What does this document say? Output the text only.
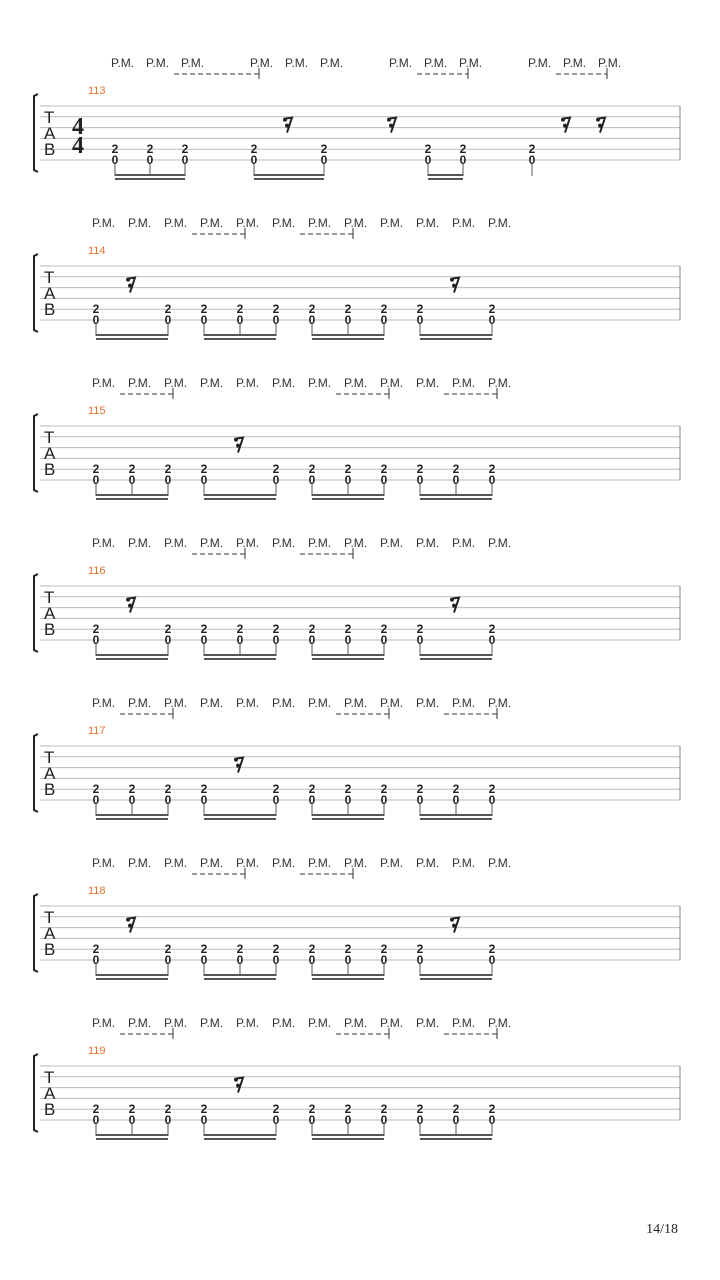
T
A
B
113
4
4
P.M. P.M. P.M.	P.M. P.M. P.M.	P.M. P.M. P.M.	P.M. P.M. P.M.
2
0
2
0
2
0
2
0
2
0
2
0
2
0
2
0
T
A
B
114
P.M. P.M. P.M. P.M. P.M. P.M. P.M. P.M. P.M. P.M. P.M. P.M.
2
0
2
0
2
0
2
0
2
0
2
0
2
0
2
0
2
0
2
0
T
A
B
115
P.M. P.M. P.M. P.M. P.M. P.M. P.M. P.M. P.M. P.M. P.M. P.M.
2
0
2
0
2
0
2
0
2
0
2
0
2
0
2
0
2
0
2
0
2
0
T
A
B
116
P.M. P.M. P.M. P.M. P.M. P.M. P.M. P.M. P.M. P.M. P.M. P.M.
2
0
2
0
2
0
2
0
2
0
2
0
2
0
2
0
2
0
2
0
T
A
B
117
P.M. P.M. P.M. P.M. P.M. P.M. P.M. P.M. P.M. P.M. P.M. P.M.
2
0
2
0
2
0
2
0
2
0
2
0
2
0
2
0
2
0
2
0
2
0
T
A
B
118
P.M. P.M. P.M. P.M. P.M. P.M. P.M. P.M. P.M. P.M. P.M. P.M.
2
0
2
0
2
0
2
0
2
0
2
0
2
0
2
0
2
0
2
0
T
A
B
119
P.M. P.M. P.M. P.M. P.M. P.M. P.M. P.M. P.M. P.M. P.M. P.M.
2
0
2
0
2
0
2
0
2
0
2
0
2
0
2
0
2
0
2
0
2
0
14/18
